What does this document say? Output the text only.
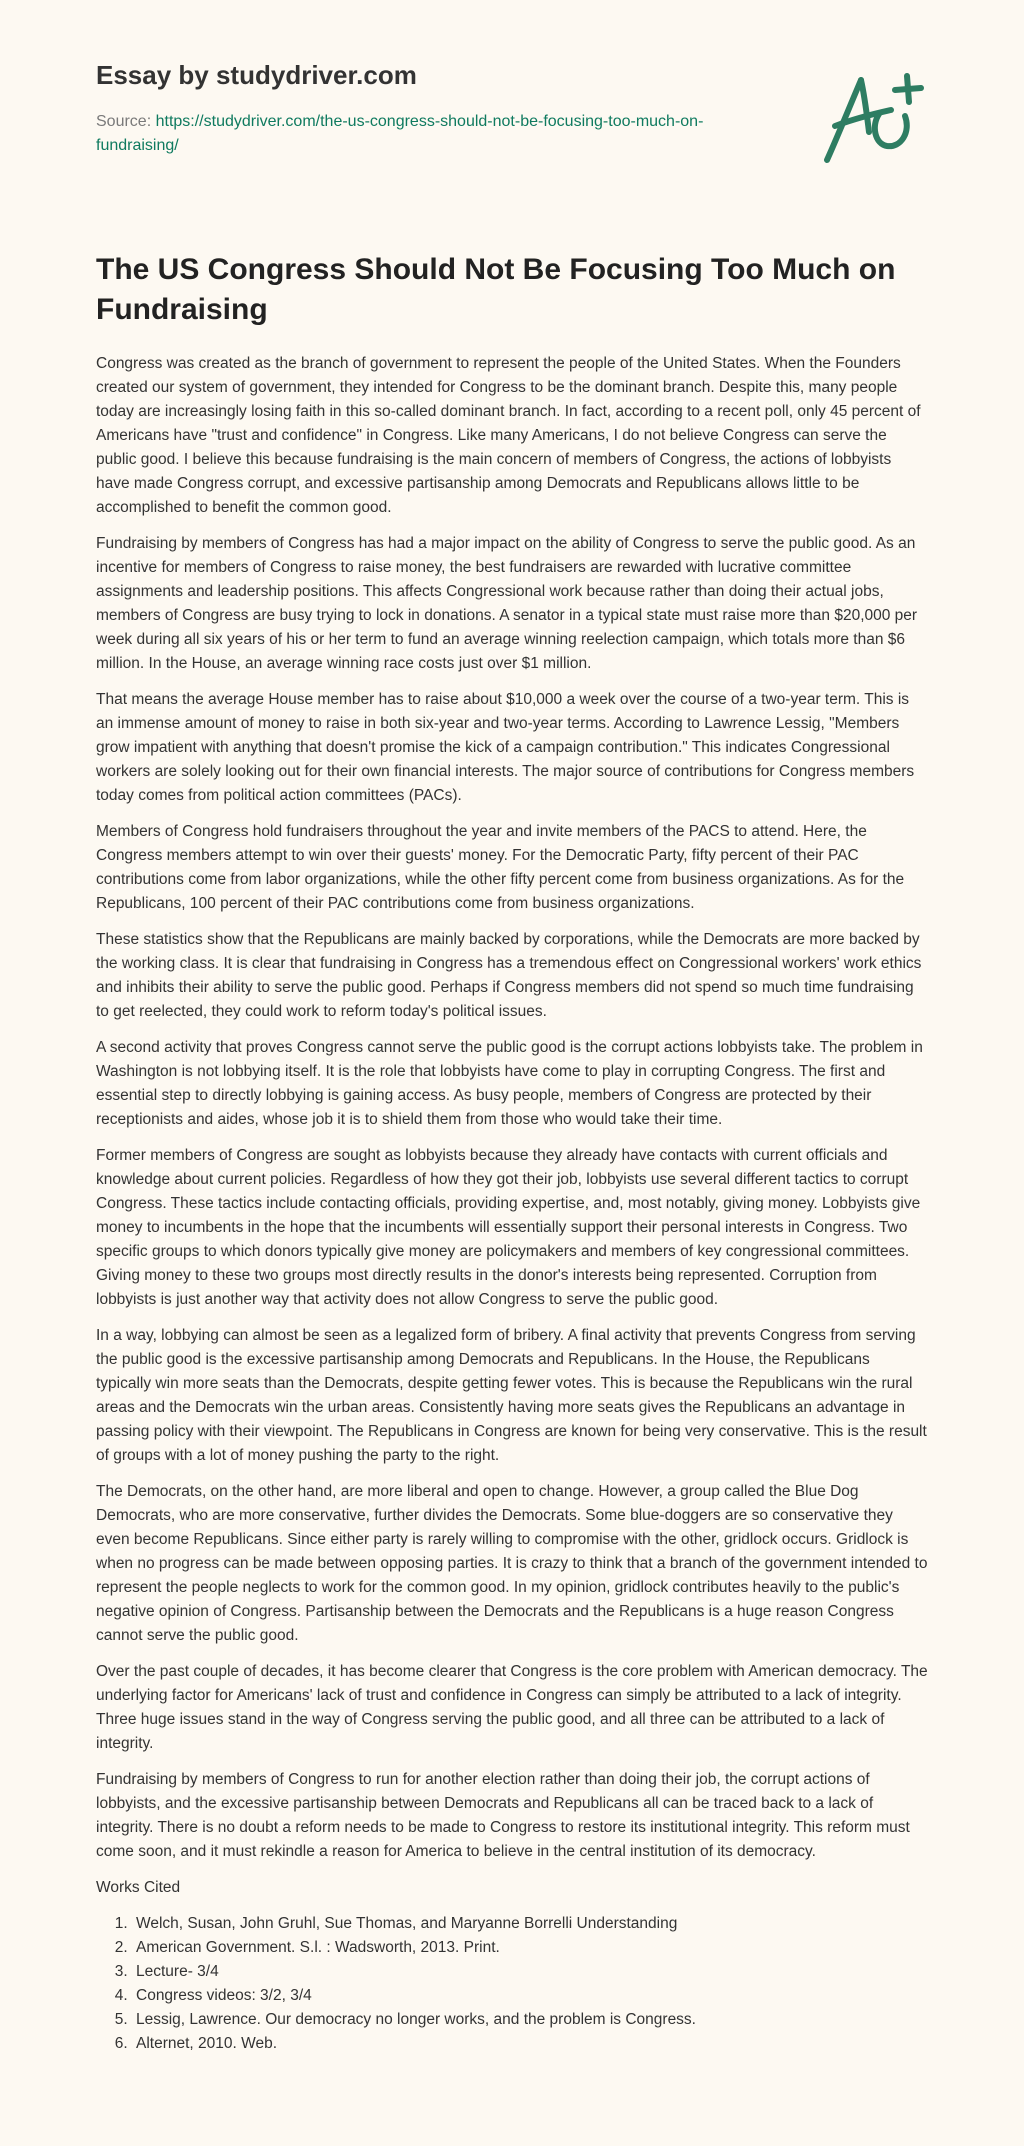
Essay by studydriver.com
Source: https://studydriver.com/the-us-congress-should-not-be-focusing-too-much-on-fundraising/
The US Congress Should Not Be Focusing Too Much on Fundraising

Congress was created as the branch of government to represent the people of the United States. When the Founders created our system of government, they intended for Congress to be the dominant branch. Despite this, many people today are increasingly losing faith in this so-called dominant branch. In fact, according to a recent poll, only 45 percent of Americans have "trust and confidence" in Congress. Like many Americans, I do not believe Congress can serve the public good. I believe this because fundraising is the main concern of members of Congress, the actions of lobbyists have made Congress corrupt, and excessive partisanship among Democrats and Republicans allows little to be accomplished to benefit the common good.

Fundraising by members of Congress has had a major impact on the ability of Congress to serve the public good. As an incentive for members of Congress to raise money, the best fundraisers are rewarded with lucrative committee assignments and leadership positions. This affects Congressional work because rather than doing their actual jobs, members of Congress are busy trying to lock in donations. A senator in a typical state must raise more than $20,000 per week during all six years of his or her term to fund an average winning reelection campaign, which totals more than $6 million. In the House, an average winning race costs just over $1 million.

That means the average House member has to raise about $10,000 a week over the course of a two-year term. This is an immense amount of money to raise in both six-year and two-year terms. According to Lawrence Lessig, "Members grow impatient with anything that doesn't promise the kick of a campaign contribution." This indicates Congressional workers are solely looking out for their own financial interests. The major source of contributions for Congress members today comes from political action committees (PACs).

Members of Congress hold fundraisers throughout the year and invite members of the PACS to attend. Here, the Congress members attempt to win over their guests' money. For the Democratic Party, fifty percent of their PAC contributions come from labor organizations, while the other fifty percent come from business organizations. As for the Republicans, 100 percent of their PAC contributions come from business organizations.

These statistics show that the Republicans are mainly backed by corporations, while the Democrats are more backed by the working class. It is clear that fundraising in Congress has a tremendous effect on Congressional workers' work ethics and inhibits their ability to serve the public good. Perhaps if Congress members did not spend so much time fundraising to get reelected, they could work to reform today's political issues.

A second activity that proves Congress cannot serve the public good is the corrupt actions lobbyists take. The problem in Washington is not lobbying itself. It is the role that lobbyists have come to play in corrupting Congress. The first and essential step to directly lobbying is gaining access. As busy people, members of Congress are protected by their receptionists and aides, whose job it is to shield them from those who would take their time.

Former members of Congress are sought as lobbyists because they already have contacts with current officials and knowledge about current policies. Regardless of how they got their job, lobbyists use several different tactics to corrupt Congress. These tactics include contacting officials, providing expertise, and, most notably, giving money. Lobbyists give money to incumbents in the hope that the incumbents will essentially support their personal interests in Congress. Two specific groups to which donors typically give money are policymakers and members of key congressional committees. Giving money to these two groups most directly results in the donor's interests being represented. Corruption from lobbyists is just another way that activity does not allow Congress to serve the public good.

In a way, lobbying can almost be seen as a legalized form of bribery. A final activity that prevents Congress from serving the public good is the excessive partisanship among Democrats and Republicans. In the House, the Republicans typically win more seats than the Democrats, despite getting fewer votes. This is because the Republicans win the rural areas and the Democrats win the urban areas. Consistently having more seats gives the Republicans an advantage in passing policy with their viewpoint. The Republicans in Congress are known for being very conservative. This is the result of groups with a lot of money pushing the party to the right.

The Democrats, on the other hand, are more liberal and open to change. However, a group called the Blue Dog Democrats, who are more conservative, further divides the Democrats. Some blue-doggers are so conservative they even become Republicans. Since either party is rarely willing to compromise with the other, gridlock occurs. Gridlock is when no progress can be made between opposing parties. It is crazy to think that a branch of the government intended to represent the people neglects to work for the common good. In my opinion, gridlock contributes heavily to the public's negative opinion of Congress. Partisanship between the Democrats and the Republicans is a huge reason Congress cannot serve the public good.

Over the past couple of decades, it has become clearer that Congress is the core problem with American democracy. The underlying factor for Americans' lack of trust and confidence in Congress can simply be attributed to a lack of integrity. Three huge issues stand in the way of Congress serving the public good, and all three can be attributed to a lack of integrity.

Fundraising by members of Congress to run for another election rather than doing their job, the corrupt actions of lobbyists, and the excessive partisanship between Democrats and Republicans all can be traced back to a lack of integrity. There is no doubt a reform needs to be made to Congress to restore its institutional integrity. This reform must come soon, and it must rekindle a reason for America to believe in the central institution of its democracy.

Works Cited

1. Welch, Susan, John Gruhl, Sue Thomas, and Maryanne Borrelli Understanding
2. American Government. S.l. : Wadsworth, 2013. Print.
3. Lecture- 3/4
4. Congress videos: 3/2, 3/4
5. Lessig, Lawrence. Our democracy no longer works, and the problem is Congress.
6. Alternet, 2010. Web.
